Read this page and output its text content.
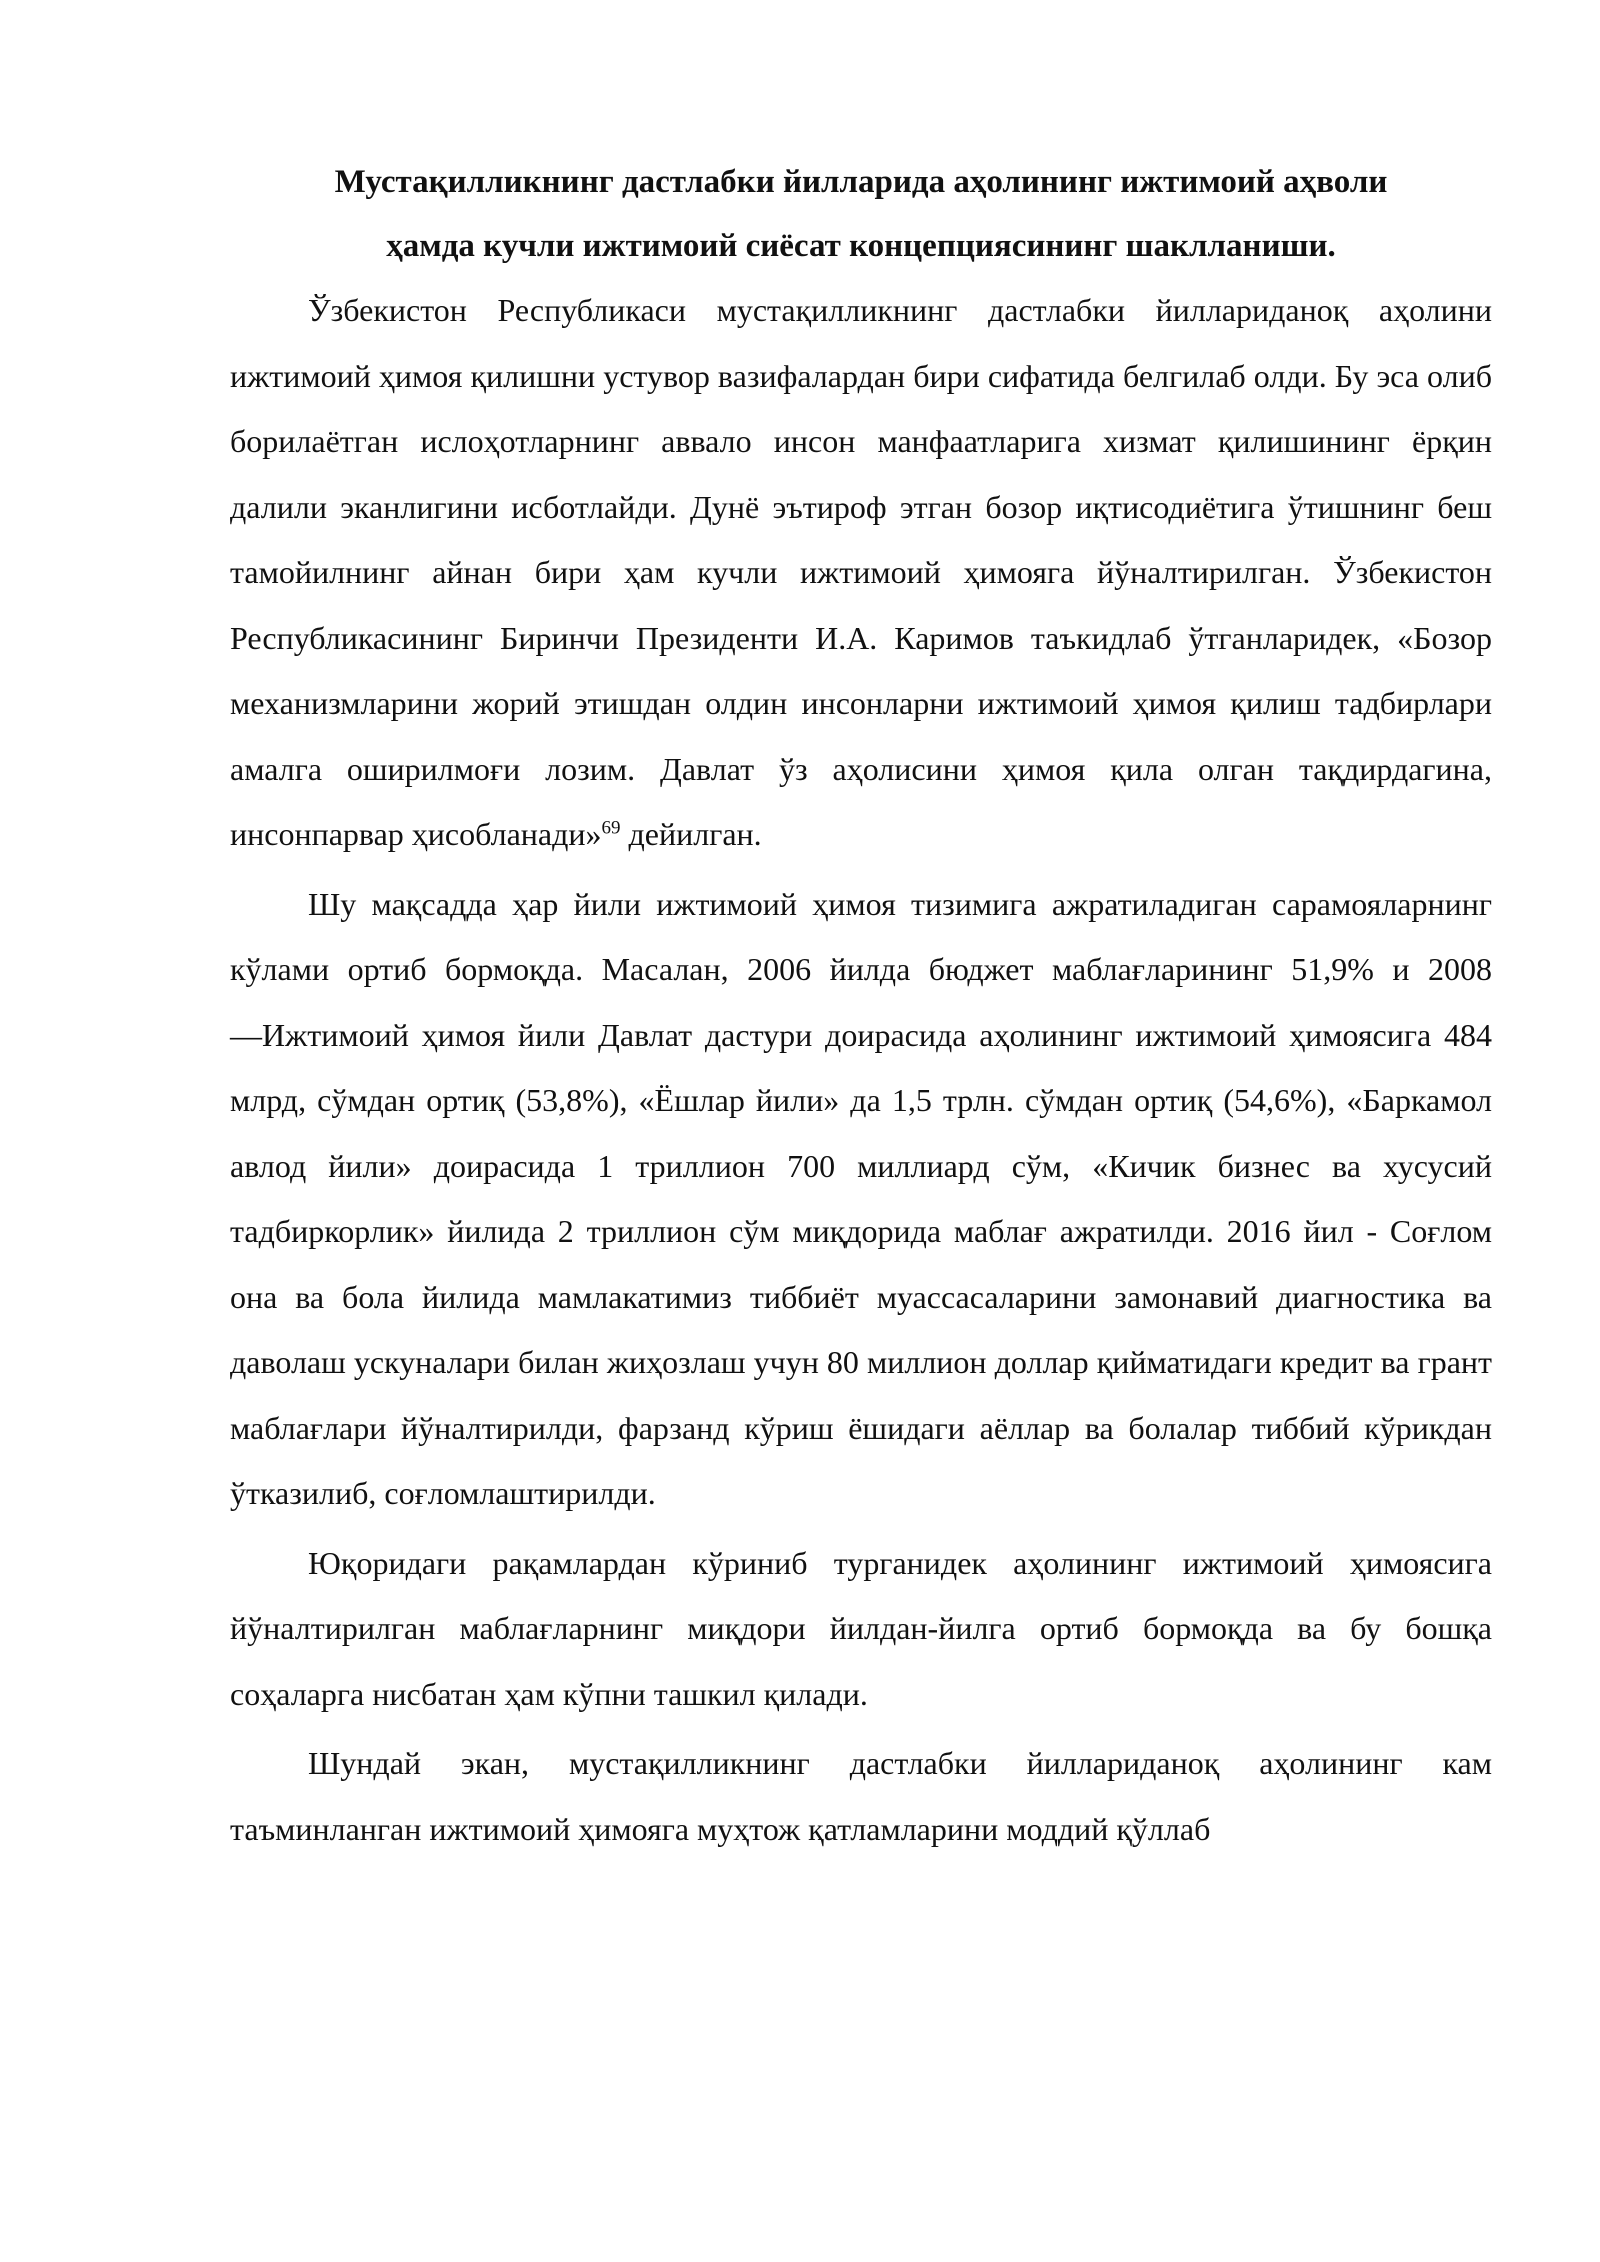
Мустақилликнинг дастлабки йилларида аҳолининг ижтимоий аҳволи
ҳамда кучли ижтимоий сиёсат концепциясининг шаклланиши.

Ўзбекистон Республикаси мустақилликнинг дастлабки йиллариданоқ аҳолини ижтимоий ҳимоя қилишни устувор вазифалардан бири сифатида белгилаб олди. Бу эса олиб борилаётган ислоҳотларнинг аввало инсон манфаатларига хизмат қилишининг ёрқин далили эканлигини исботлайди. Дунё эътироф этган бозор иқтисодиётига ўтишнинг беш тамойилнинг айнан бири ҳам кучли ижтимоий ҳимояга йўналтирилган. Ўзбекистон Республикасининг Биринчи Президенти И.А. Каримов таъкидлаб ўтганларидек, «Бозор механизмларини жорий этишдан олдин инсонларни ижтимоий ҳимоя қилиш тадбирлари амалга оширилмоғи лозим. Давлат ўз аҳолисини ҳимоя қила олган тақдирдагина, инсонпарвар ҳисобланади»$^{69}$ дейилган.

Шу мақсадда ҳар йили ижтимоий ҳимоя тизимига ажратиладиган сарамояларнинг кўлами ортиб бормоқда. Масалан, 2006 йилда бюджет маблағларининг 51,9% и 2008 ―Ижтимоий ҳимоя йили Давлат дастури доирасида аҳолининг ижтимоий ҳимоясига 484 млрд, сўмдан ортиқ (53,8%), «Ёшлар йили» да 1,5 трлн. сўмдан ортиқ (54,6%), «Баркамол авлод йили» доирасида 1 триллион 700 миллиард сўм, «Кичик бизнес ва хусусий тадбиркорлик» йилида 2 триллион сўм миқдорида маблағ ажратилди. 2016 йил - Соғлом она ва бола йилида мамлакатимиз тиббиёт муассасаларини замонавий диагностика ва даволаш ускуналари билан жиҳозлаш учун 80 миллион доллар қийматидаги кредит ва грант маблағлари йўналтирилди, фарзанд кўриш ёшидаги аёллар ва болалар тиббий кўрикдан ўтказилиб, соғломлаштирилди.

Юқоридаги рақамлардан кўриниб турганидек аҳолининг ижтимоий ҳимоясига йўналтирилган маблағларнинг миқдори йилдан-йилга ортиб бормоқда ва бу бошқа соҳаларга нисбатан ҳам кўпни ташкил қилади.

Шундай экан, мустақилликнинг дастлабки йиллариданоқ аҳолининг кам таъминланган ижтимоий ҳимояга муҳтож қатламларини моддий қўллаб
